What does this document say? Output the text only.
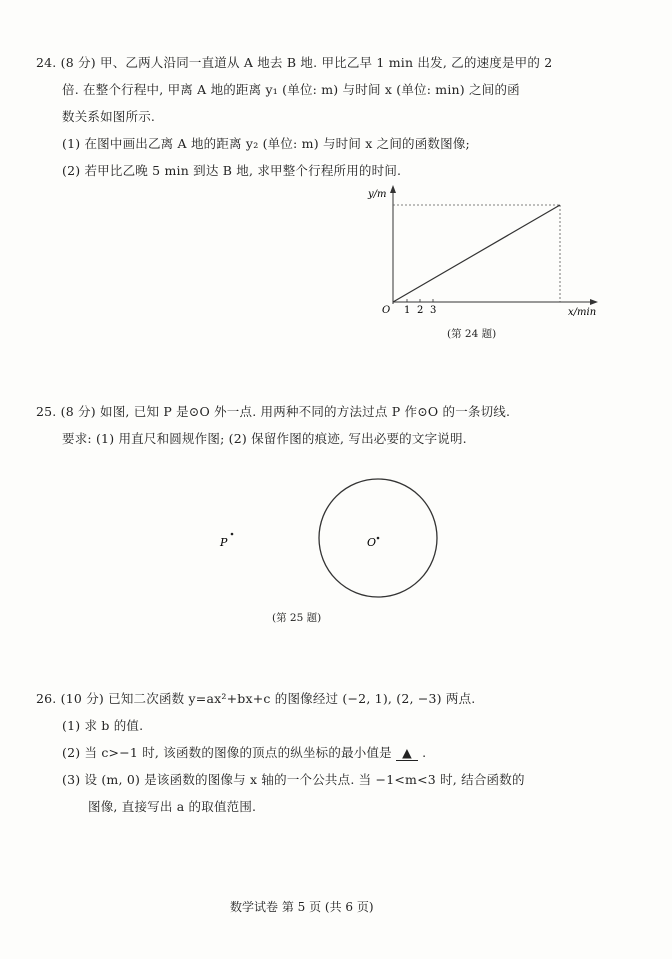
24. (8 分) 甲、乙两人沿同一直道从 A 地去 B 地. 甲比乙早 1 min 出发, 乙的速度是甲的 2
倍. 在整个行程中, 甲离 A 地的距离 y₁ (单位: m) 与时间 x (单位: min) 之间的函
数关系如图所示.
(1) 在图中画出乙离 A 地的距离 y₂ (单位: m) 与时间 x 之间的函数图像;
(2) 若甲比乙晚 5 min 到达 B 地, 求甲整个行程所用的时间.
y/m
O 1 2 3	x/min
(第 24 题)
25. (8 分) 如图, 已知 P 是⊙O 外一点. 用两种不同的方法过点 P 作⊙O 的一条切线.
要求: (1) 用直尺和圆规作图; (2) 保留作图的痕迹, 写出必要的文字说明.
O
P
(第 25 题)
26. (10 分) 已知二次函数 y=ax²+bx+c 的图像经过 (−2, 1), (2, −3) 两点.
(1) 求 b 的值.
(2) 当 c>−1 时, 该函数的图像的顶点的纵坐标的最小值是 ▲ .
(3) 设 (m, 0) 是该函数的图像与 x 轴的一个公共点. 当 −1<m<3 时, 结合函数的
图像, 直接写出 a 的取值范围.
数学试卷 第 5 页 (共 6 页)
